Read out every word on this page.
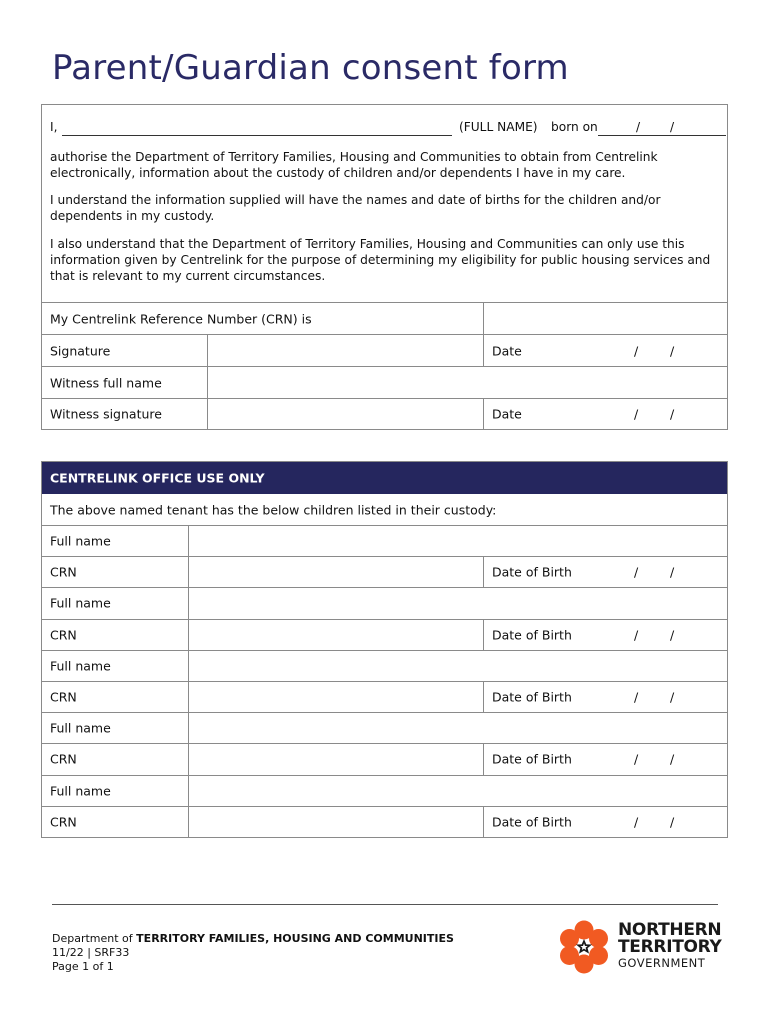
Parent/Guardian consent form
I,	(FULL NAME) born on	/ /

authorise the Department of Territory Families, Housing and Communities to obtain from Centrelink electronically, information about the custody of children and/or dependents I have in my care.

I understand the information supplied will have the names and date of births for the children and/or dependents in my custody.

I also understand that the Department of Territory Families, Housing and Communities can only use this information given by Centrelink for the purpose of determining my eligibility for public housing services and that is relevant to my current circumstances.

My Centrelink Reference Number (CRN) is
Signature	Date	/	/
Witness full name
Witness signature	Date	/	/
CENTRELINK OFFICE USE ONLY
The above named tenant has the below children listed in their custody:
Full name
CRN	Date of Birth	/	/
Full name
CRN	Date of Birth	/	/
Full name
CRN	Date of Birth	/	/
Full name
CRN	Date of Birth	/	/
Full name
CRN	Date of Birth	/	/
Department of TERRITORY FAMILIES, HOUSING AND COMMUNITIES
11/22 | SRF33
Page 1 of 1
NORTHERN
TERRITORY
GOVERNMENT
